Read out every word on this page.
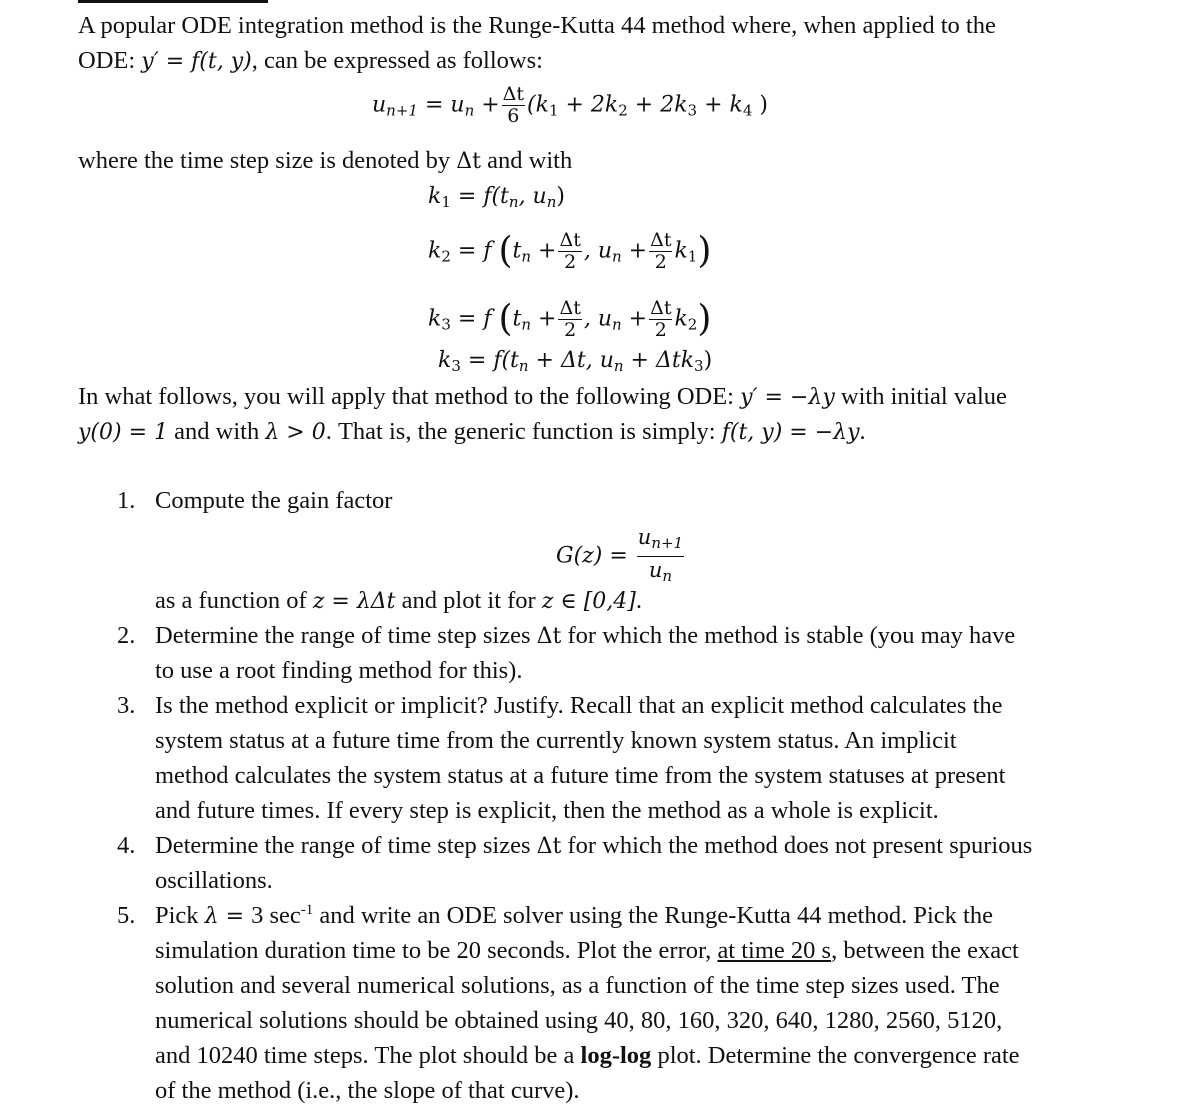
A popular ODE integration method is the Runge-Kutta 44 method where, when applied to the
ODE: y′ = f(t, y), can be expressed as follows:
$u_{n+1} = u_n + \frac{\Delta t}{6} (k1 + 2k2 + 2k3 + k4$ )
where the time step size is denoted by Δt and with
$k1 = f(t_n$, $u_n$)
k2 = f ($t_n + \frac{\Delta t}{2}$ , $u_n + \frac{\Delta t}{2} k1$)
k3 = f ($t_n + \frac{\Delta t}{2}$ , $u_n + \frac{\Delta t}{2} k2$)
$k3 = f(t_n + \Delta t$, $u_n + \Delta tk3$)
In what follows, you will apply that method to the following ODE: y′ = −λy with initial value
y(0) = 1 and with λ > 0. That is, the generic function is simply: f(t, y) = −λy.
1. Compute the gain factor
$G(z) = \frac{u_{n+1}}{u_n}$
as a function of z = λΔt and plot it for z ∈ [0,4].
2. Determine the range of time step sizes Δt for which the method is stable (you may have
to use a root finding method for this).
3. Is the method explicit or implicit? Justify. Recall that an explicit method calculates the
system status at a future time from the currently known system status. An implicit
method calculates the system status at a future time from the system statuses at present
and future times. If every step is explicit, then the method as a whole is explicit.
4. Determine the range of time step sizes Δt for which the method does not present spurious
oscillations.
5. Pick λ = 3 $\sec^{-1}$ and write an ODE solver using the Runge-Kutta 44 method. Pick the
simulation duration time to be 20 seconds. Plot the error, at time 20 s, between the exact
solution and several numerical solutions, as a function of the time step sizes used. The
numerical solutions should be obtained using 40, 80, 160, 320, 640, 1280, 2560, 5120,
and 10240 time steps. The plot should be a log-log plot. Determine the convergence rate
of the method (i.e., the slope of that curve).
